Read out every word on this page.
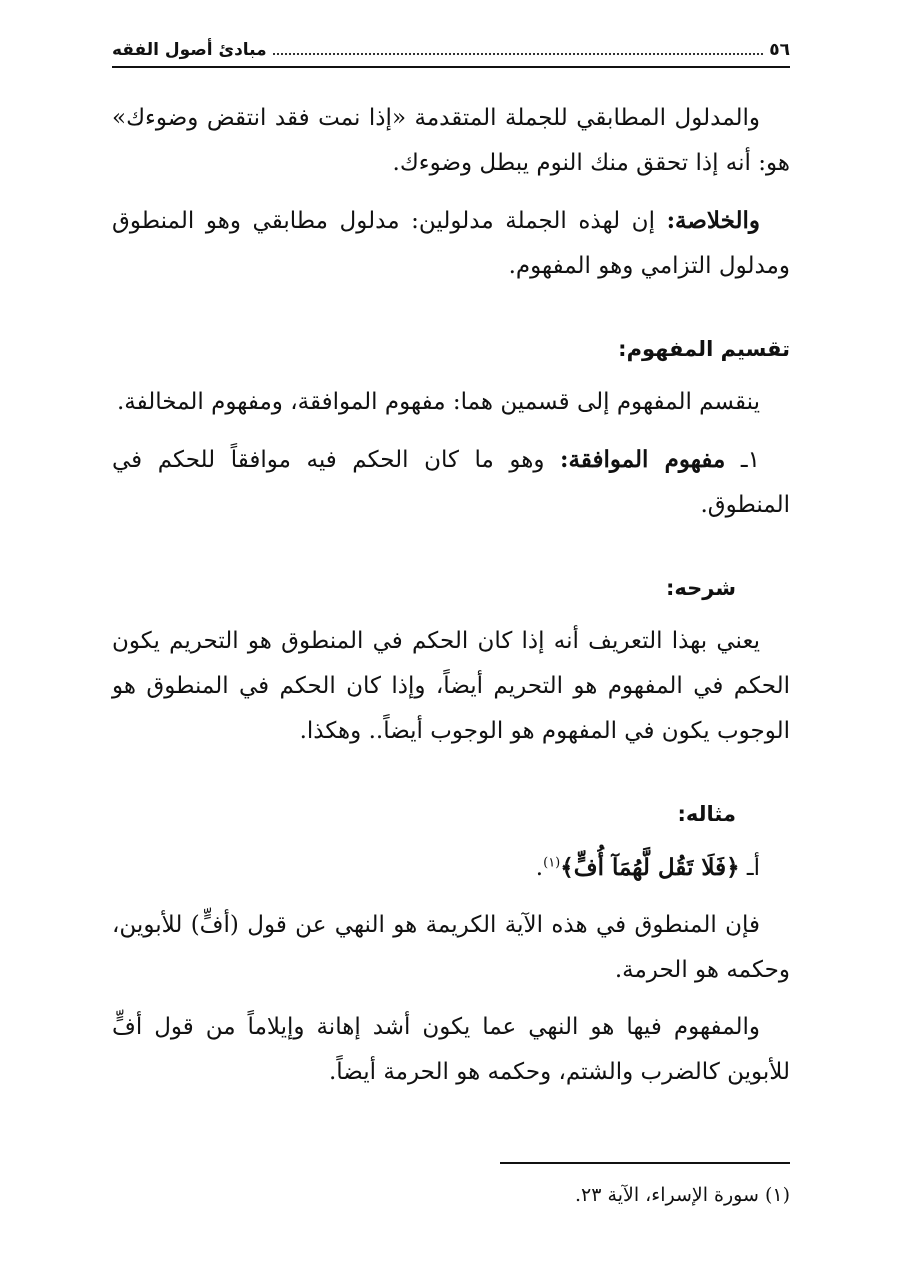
٥٦
مبادئ أصول الفقه

والمدلول المطابقي للجملة المتقدمة «إذا نمت فقد انتقض وضوءك» هو: أنه إذا تحقق منك النوم يبطل وضوءك.

والخلاصة: إن لهذه الجملة مدلولين: مدلول مطابقي وهو المنطوق ومدلول التزامي وهو المفهوم.

تقسيم المفهوم:

ينقسم المفهوم إلى قسمين هما: مفهوم الموافقة، ومفهوم المخالفة.

١ـ مفهوم الموافقة: وهو ما كان الحكم فيه موافقاً للحكم في المنطوق.

شرحه:

يعني بهذا التعريف أنه إذا كان الحكم في المنطوق هو التحريم يكون الحكم في المفهوم هو التحريم أيضاً، وإذا كان الحكم في المنطوق هو الوجوب يكون في المفهوم هو الوجوب أيضاً.. وهكذا.

مثاله:

أـ ﴿فَلَا تَقُل لَّهُمَآ أُفٍّ﴾$^{(١)}$.

فإن المنطوق في هذه الآية الكريمة هو النهي عن قول (أفٍّ) للأبوين، وحكمه هو الحرمة.

والمفهوم فيها هو النهي عما يكون أشد إهانة وإيلاماً من قول أفٍّ للأبوين كالضرب والشتم، وحكمه هو الحرمة أيضاً.

(١) سورة الإسراء، الآية ٢٣.
